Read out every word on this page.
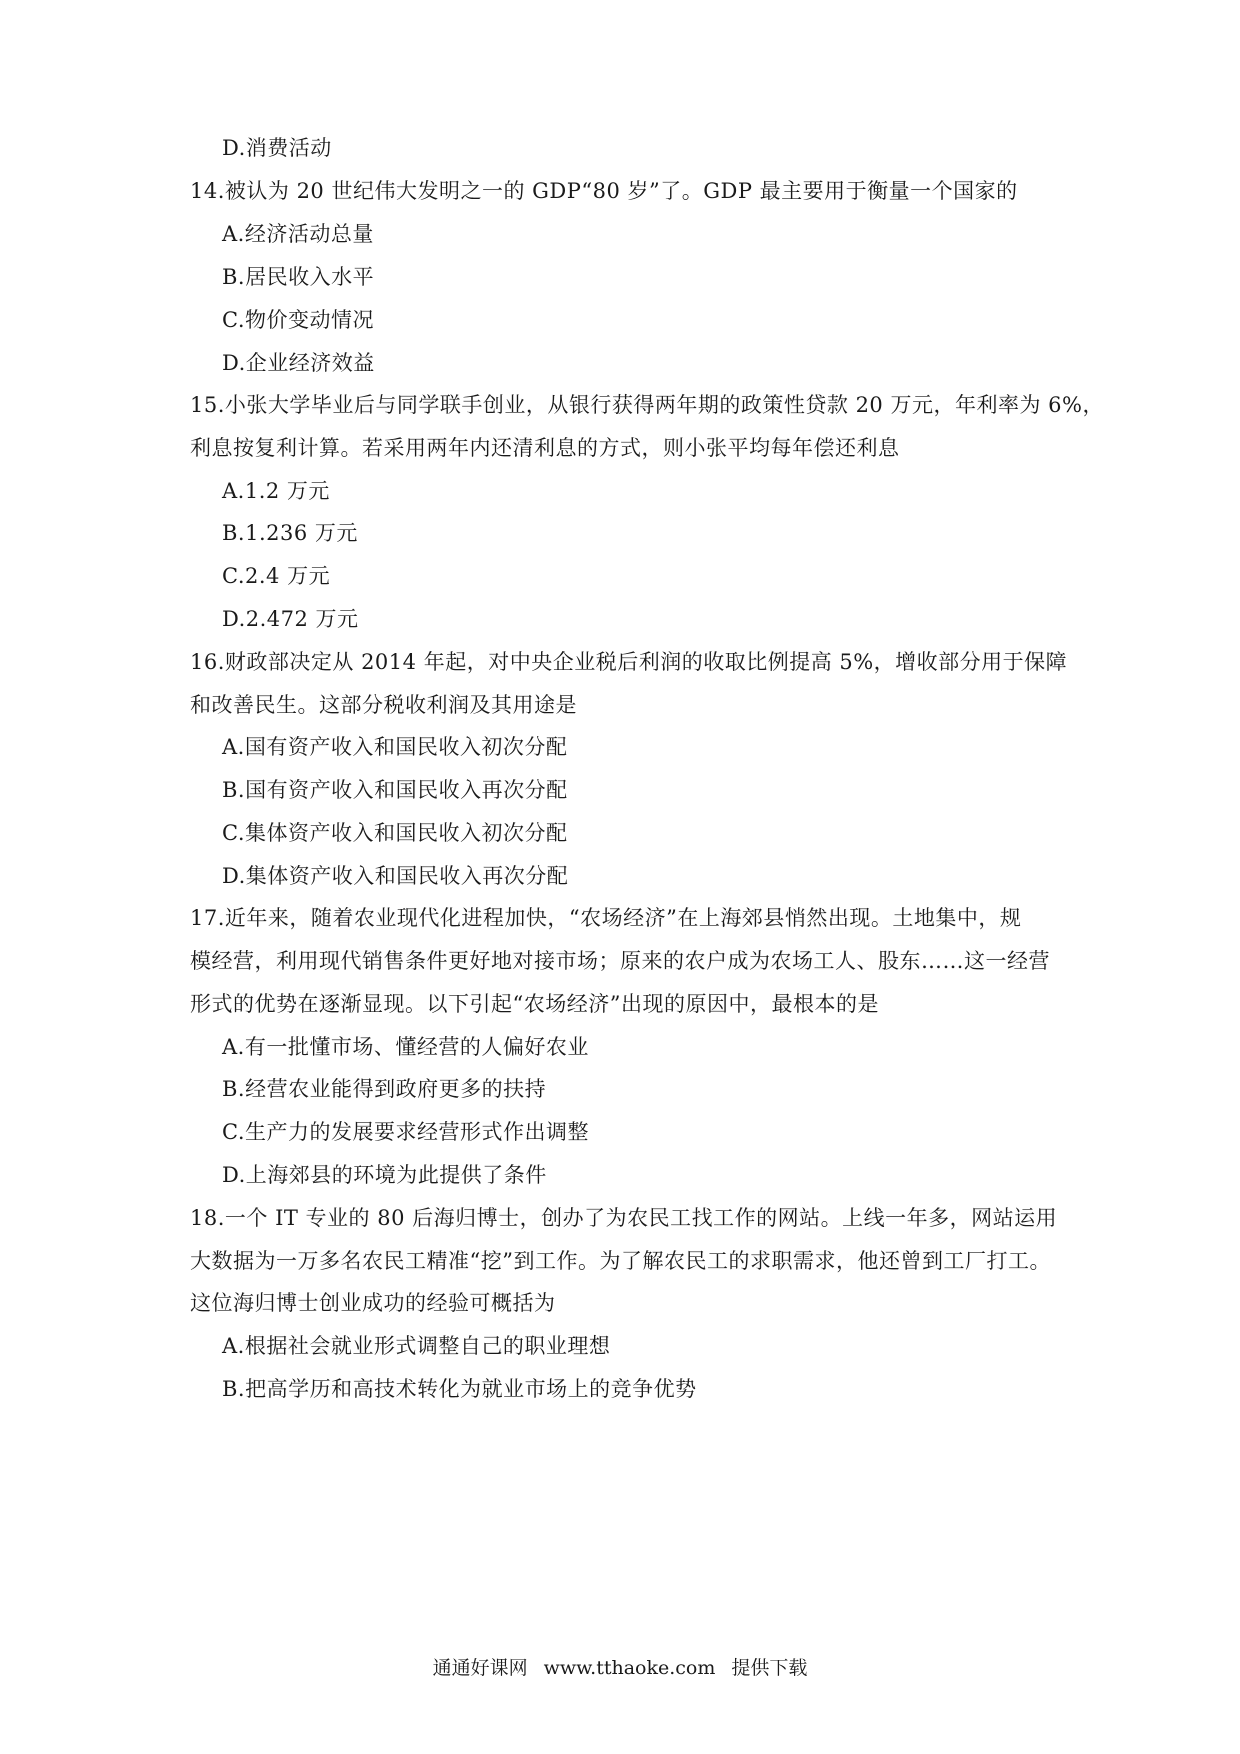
D.消费活动
14.被认为 20 世纪伟大发明之一的 GDP“80 岁”了。GDP 最主要用于衡量一个国家的
A.经济活动总量
B.居民收入水平
C.物价变动情况
D.企业经济效益
15.小张大学毕业后与同学联手创业，从银行获得两年期的政策性贷款 20 万元，年利率为 6%，
利息按复利计算。若采用两年内还清利息的方式，则小张平均每年偿还利息
A.1.2 万元
B.1.236 万元
C.2.4 万元
D.2.472 万元
16.财政部决定从 2014 年起，对中央企业税后利润的收取比例提高 5%，增收部分用于保障
和改善民生。这部分税收利润及其用途是
A.国有资产收入和国民收入初次分配
B.国有资产收入和国民收入再次分配
C.集体资产收入和国民收入初次分配
D.集体资产收入和国民收入再次分配
17.近年来，随着农业现代化进程加快，“农场经济”在上海郊县悄然出现。土地集中，规
模经营，利用现代销售条件更好地对接市场；原来的农户成为农场工人、股东……这一经营
形式的优势在逐渐显现。以下引起“农场经济”出现的原因中，最根本的是
A.有一批懂市场、懂经营的人偏好农业
B.经营农业能得到政府更多的扶持
C.生产力的发展要求经营形式作出调整
D.上海郊县的环境为此提供了条件
18.一个 IT 专业的 80 后海归博士，创办了为农民工找工作的网站。上线一年多，网站运用
大数据为一万多名农民工精准“挖”到工作。为了解农民工的求职需求，他还曾到工厂打工。
这位海归博士创业成功的经验可概括为
A.根据社会就业形式调整自己的职业理想
B.把高学历和高技术转化为就业市场上的竞争优势
通通好课网 www.tthaoke.com 提供下载
